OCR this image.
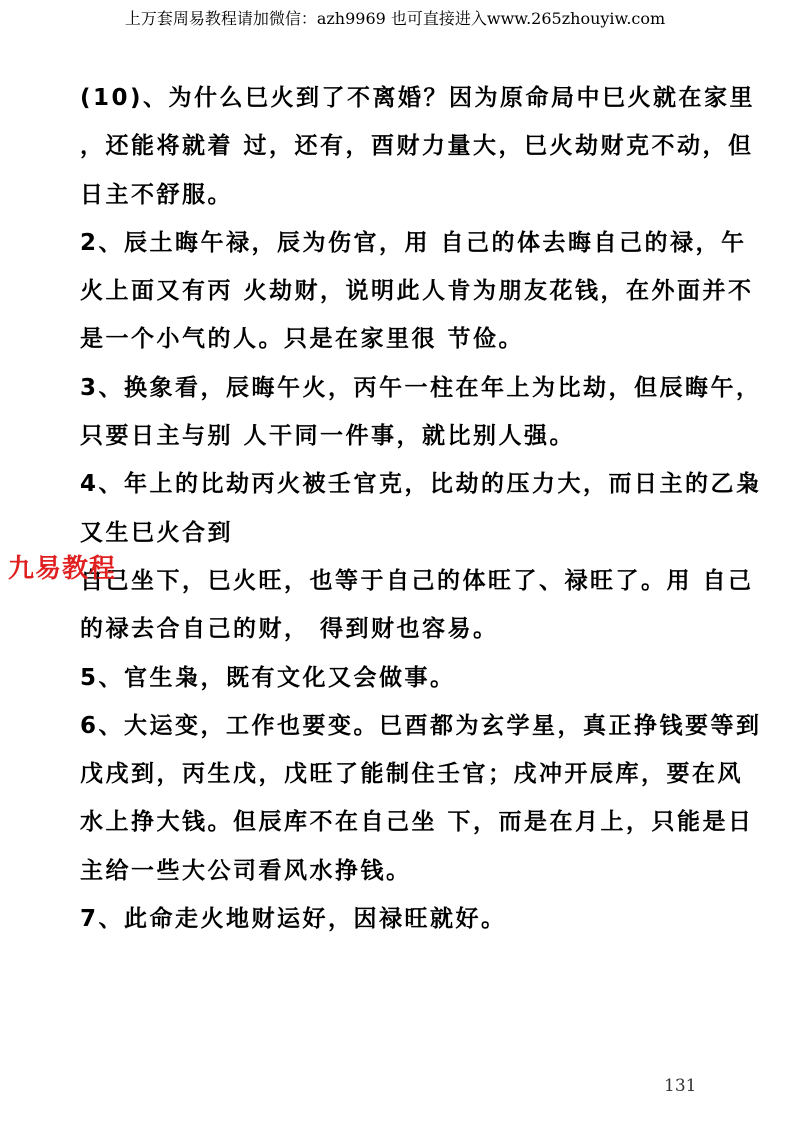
上万套周易教程请加微信：azh9969 也可直接进入www.265zhouyiw.com
(10)、为什么巳火到了不离婚？因为原命局中巳火就在家里
，还能将就着 过，还有，酉财力量大，巳火劫财克不动，但
日主不舒服。
2、辰土晦午禄，辰为伤官，用 自己的体去晦自己的禄，午
火上面又有丙 火劫财，说明此人肯为朋友花钱，在外面并不
是一个小气的人。只是在家里很 节俭。
3、换象看，辰晦午火，丙午一柱在年上为比劫，但辰晦午，
只要日主与别 人干同一件事，就比别人强。
4、年上的比劫丙火被壬官克，比劫的压力大，而日主的乙枭
又生巳火合到
自己坐下，巳火旺，也等于自己的体旺了、禄旺了。用 自己
的禄去合自己的财， 得到财也容易。
5、官生枭，既有文化又会做事。
6、大运变，工作也要变。巳酉都为玄学星，真正挣钱要等到
戊戌到，丙生戊，戊旺了能制住壬官；戌冲开辰库，要在风
水上挣大钱。但辰库不在自己坐 下，而是在月上，只能是日
主给一些大公司看风水挣钱。
7、此命走火地财运好，因禄旺就好。
九易教程
131
